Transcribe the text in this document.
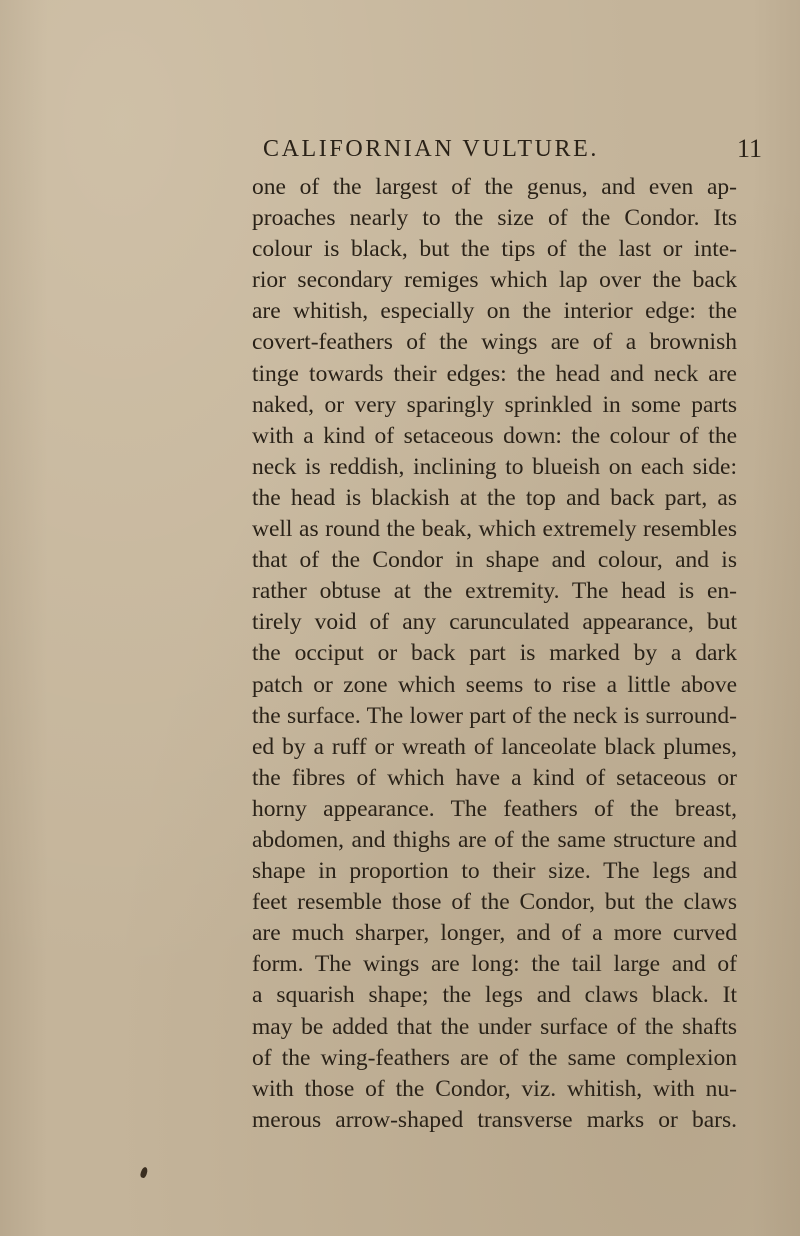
CALIFORNIAN VULTURE.	11
one of the largest of the genus, and even ap-
proaches nearly to the size of the Condor. Its
colour is black, but the tips of the last or inte-
rior secondary remiges which lap over the back
are whitish, especially on the interior edge: the
covert-feathers of the wings are of a brownish
tinge towards their edges: the head and neck are
naked, or very sparingly sprinkled in some parts
with a kind of setaceous down: the colour of the
neck is reddish, inclining to blueish on each side:
the head is blackish at the top and back part, as
well as round the beak, which extremely resembles
that of the Condor in shape and colour, and is
rather obtuse at the extremity. The head is en-
tirely void of any carunculated appearance, but
the occiput or back part is marked by a dark
patch or zone which seems to rise a little above
the surface. The lower part of the neck is surround-
ed by a ruff or wreath of lanceolate black plumes,
the fibres of which have a kind of setaceous or
horny appearance. The feathers of the breast,
abdomen, and thighs are of the same structure and
shape in proportion to their size. The legs and
feet resemble those of the Condor, but the claws
are much sharper, longer, and of a more curved
form. The wings are long: the tail large and of
a squarish shape; the legs and claws black. It
may be added that the under surface of the shafts
of the wing-feathers are of the same complexion
with those of the Condor, viz. whitish, with nu-
merous arrow-shaped transverse marks or bars.
